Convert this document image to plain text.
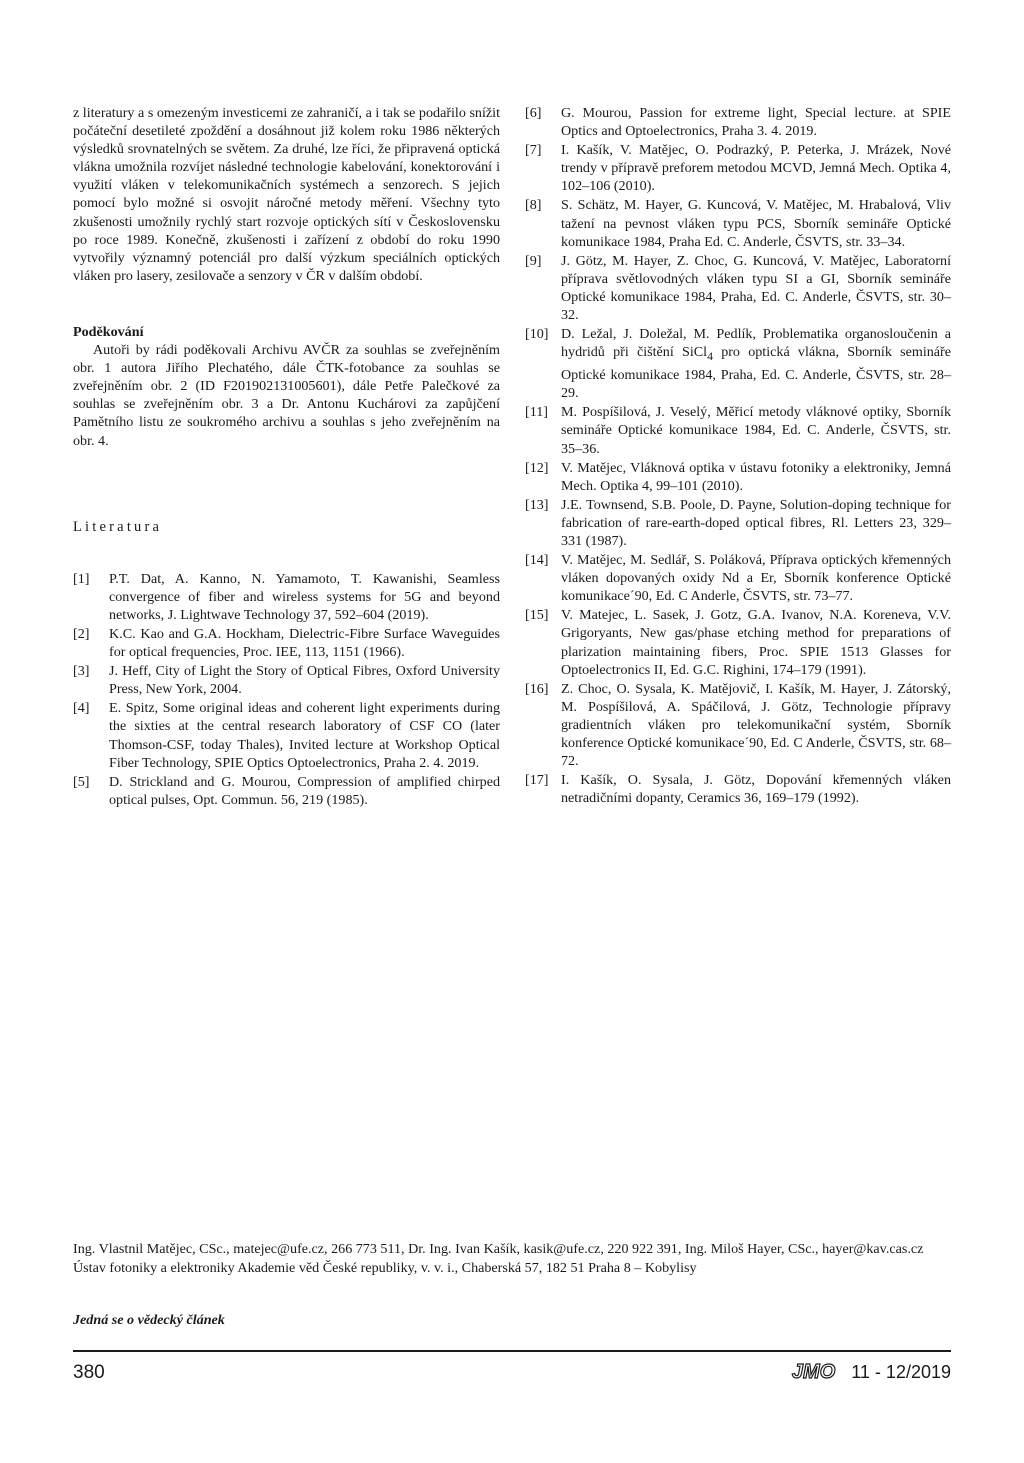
z literatury a s omezeným investicemi ze zahraničí, a i tak se podařilo snížit počáteční desetileté zpoždění a dosáhnout již kolem roku 1986 některých výsledků srovnatelných se světem. Za druhé, lze říci, že připravená optická vlákna umožnila rozvíjet následné technologie kabelování, konektorování i využití vláken v telekomunikačních systémech a senzorech. S jejich pomocí bylo možné si osvojit náročné metody měření. Všechny tyto zkušenosti umožnily rychlý start rozvoje optických sítí v Československu po roce 1989. Konečně, zkušenosti i zařízení z období do roku 1990 vytvořily významný potenciál pro další výzkum speciálních optických vláken pro lasery, zesilovače a senzory v ČR v dalším období.

Poděkování

Autoři by rádi poděkovali Archivu AVČR za souhlas se zveřejněním obr. 1 autora Jiřího Plechatého, dále ČTK-fotobance za souhlas se zveřejněním obr. 2 (ID F201902131005601), dále Petře Palečkové za souhlas se zveřejněním obr. 3 a Dr. Antonu Kuchárovi za zapůjčení Pamětního listu ze soukromého archivu a souhlas s jeho zveřejněním na obr. 4.

Literatura
[1]	P.T. Dat, A. Kanno, N. Yamamoto, T. Kawanishi, Seamless convergence of fiber and wireless systems for 5G and beyond networks, J. Lightwave Technology 37, 592–604 (2019).
[2]	K.C. Kao and G.A. Hockham, Dielectric-Fibre Surface Waveguides for optical frequencies, Proc. IEE, 113, 1151 (1966).
[3]	J. Heff, City of Light the Story of Optical Fibres, Oxford University Press, New York, 2004.
[4]	E. Spitz, Some original ideas and coherent light experiments during the sixties at the central research laboratory of CSF CO (later Thomson-CSF, today Thales), Invited lecture at Workshop Optical Fiber Technology, SPIE Optics Optoelectronics, Praha 2. 4. 2019.
[5]	D. Strickland and G. Mourou, Compression of amplified chirped optical pulses, Opt. Commun. 56, 219 (1985).
[6]	G. Mourou, Passion for extreme light, Special lecture. at SPIE Optics and Optoelectronics, Praha 3. 4. 2019.
[7]	I. Kašík, V. Matějec, O. Podrazký, P. Peterka, J. Mrázek, Nové trendy v přípravě preforem metodou MCVD, Jemná Mech. Optika 4, 102–106 (2010).
[8]	S. Schätz, M. Hayer, G. Kuncová, V. Matějec, M. Hrabalová, Vliv tažení na pevnost vláken typu PCS, Sborník semináře Optické komunikace 1984, Praha Ed. C. Anderle, ČSVTS, str. 33–34.
[9]	J. Götz, M. Hayer, Z. Choc, G. Kuncová, V. Matějec, Laboratorní příprava světlovodných vláken typu SI a GI, Sborník semináře Optické komunikace 1984, Praha, Ed. C. Anderle, ČSVTS, str. 30–32.
[10] D. Ležal, J. Doležal, M. Pedlík, Problematika organosloučenin a hydridů při čištění SiCl$_4$ pro optická vlákna, Sborník semináře Optické komunikace 1984, Praha, Ed. C. Anderle, ČSVTS, str. 28–29.
[11] M. Pospíšilová, J. Veselý, Měřicí metody vláknové optiky, Sborník semináře Optické komunikace 1984, Ed. C. Anderle, ČSVTS, str. 35–36.
[12] V. Matějec, Vláknová optika v ústavu fotoniky a elektroniky, Jemná Mech. Optika 4, 99–101 (2010).
[13] J.E. Townsend, S.B. Poole, D. Payne, Solution-doping technique for fabrication of rare-earth-doped optical fibres, Rl. Letters 23, 329–331 (1987).
[14] V. Matějec, M. Sedlář, S. Poláková, Příprava optických křemenných vláken dopovaných oxidy Nd a Er, Sborník konference Optické komunikace´90, Ed. C Anderle, ČSVTS, str. 73–77.
[15] V. Matejec, L. Sasek, J. Gotz, G.A. Ivanov, N.A. Koreneva, V.V. Grigoryants, New gas/phase etching method for preparations of plarization maintaining fibers, Proc. SPIE 1513 Glasses for Optoelectronics II, Ed. G.C. Righini, 174–179 (1991).
[16] Z. Choc, O. Sysala, K. Matějovič, I. Kašík, M. Hayer, J. Zátorský, M. Pospíšilová, A. Spáčilová, J. Götz, Technologie přípravy gradientních vláken pro telekomunikační systém, Sborník konference Optické komunikace´90, Ed. C Anderle, ČSVTS, str. 68–72.
[17] I. Kašík, O. Sysala, J. Götz, Dopování křemenných vláken netradičními dopanty, Ceramics 36, 169–179 (1992).

Ing. Vlastnil Matějec, CSc., matejec@ufe.cz, 266 773 511, Dr. Ing. Ivan Kašík, kasik@ufe.cz, 220 922 391, Ing. Miloš Hayer, CSc., hayer@kav.cas.cz

Ústav fotoniky a elektroniky Akademie věd České republiky, v. v. i., Chaberská 57, 182 51 Praha 8 – Kobylisy

Jedná se o vědecký článek
380	JMO 11 - 12/2019
